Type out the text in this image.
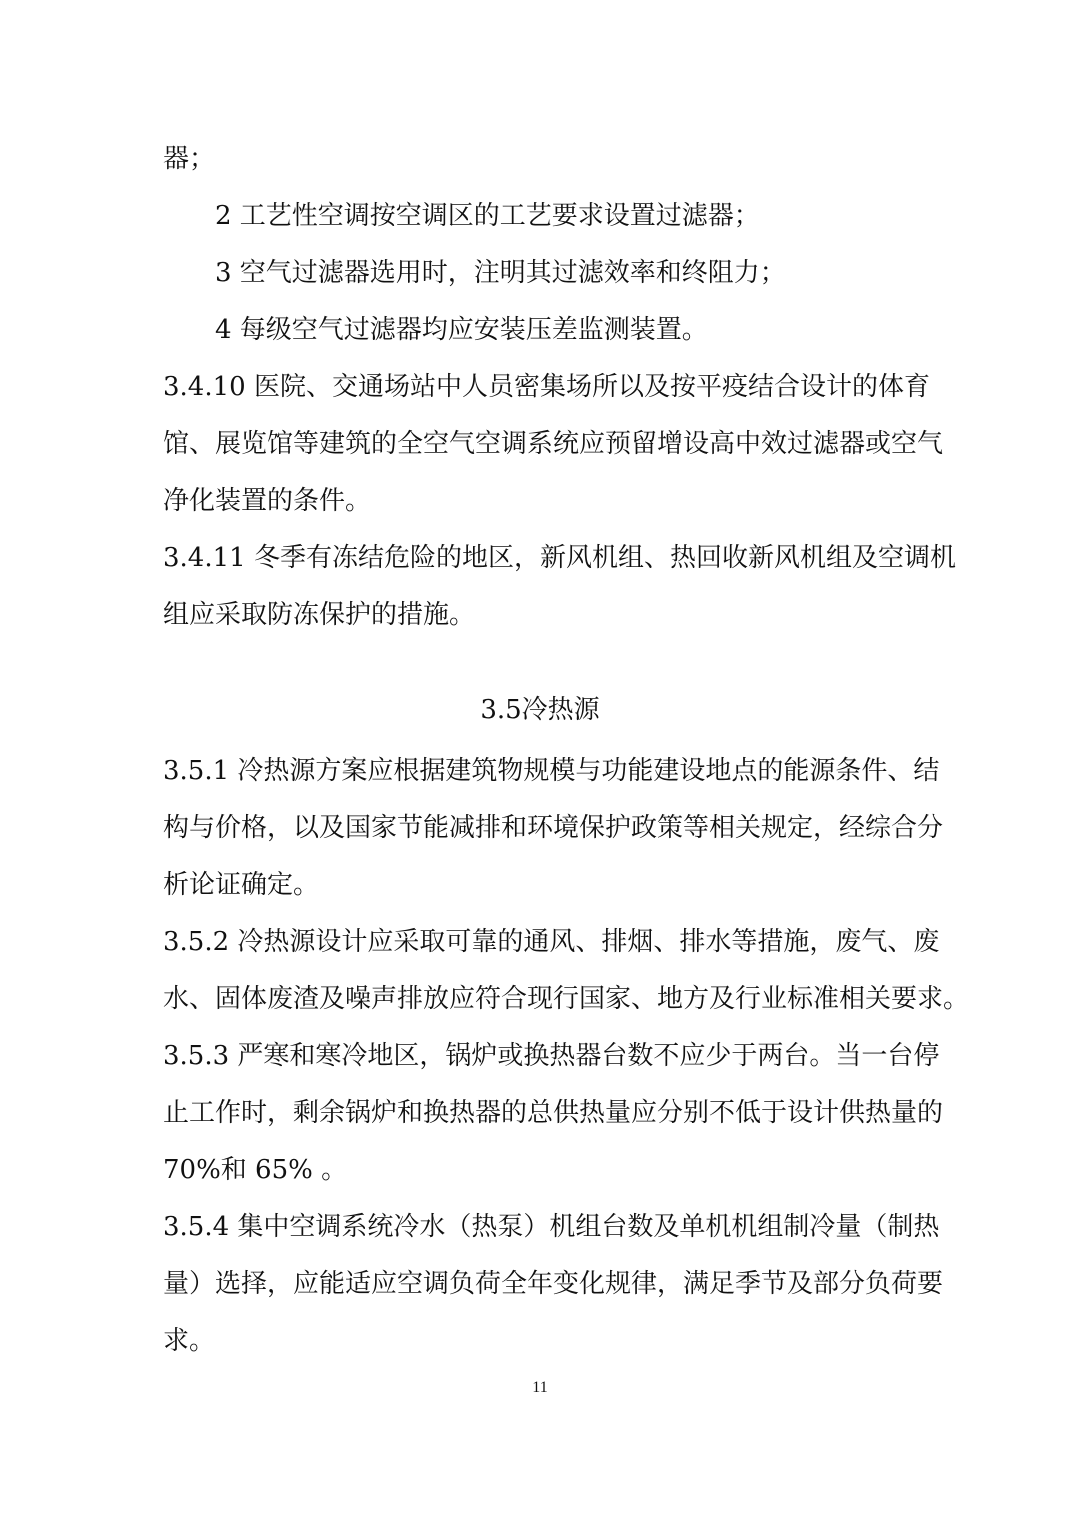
器；

2 工艺性空调按空调区的工艺要求设置过滤器；

3 空气过滤器选用时，注明其过滤效率和终阻力；

4 每级空气过滤器均应安装压差监测装置。

3.4.10 医院、交通场站中人员密集场所以及按平疫结合设计的体育

馆、展览馆等建筑的全空气空调系统应预留增设高中效过滤器或空气

净化装置的条件。

3.4.11 冬季有冻结危险的地区，新风机组、热回收新风机组及空调机

组应采取防冻保护的措施。

3.5冷热源

3.5.1 冷热源方案应根据建筑物规模与功能建设地点的能源条件、结

构与价格，以及国家节能减排和环境保护政策等相关规定，经综合分

析论证确定。

3.5.2 冷热源设计应采取可靠的通风、排烟、排水等措施，废气、废

水、固体废渣及噪声排放应符合现行国家、地方及行业标准相关要求。

3.5.3 严寒和寒冷地区，锅炉或换热器台数不应少于两台。当一台停

止工作时，剩余锅炉和换热器的总供热量应分别不低于设计供热量的

70%和 65% 。

3.5.4 集中空调系统冷水（热泵）机组台数及单机机组制冷量（制热

量）选择，应能适应空调负荷全年变化规律，满足季节及部分负荷要

求。

11
